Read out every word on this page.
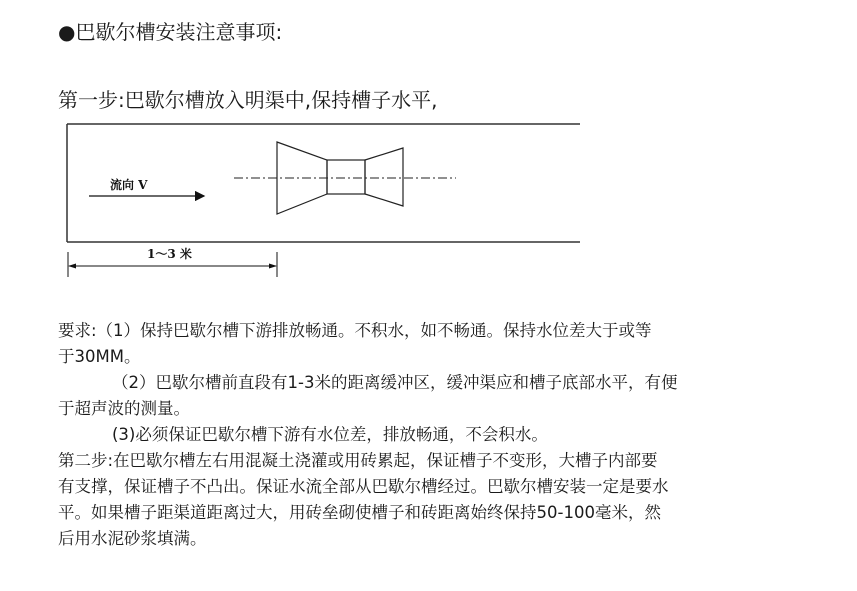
●巴歇尔槽安装注意事项:
第一步:巴歇尔槽放入明渠中,保持槽子水平,
流向 V
1～3 米

要求:（1）保持巴歇尔槽下游排放畅通。不积水，如不畅通。保持水位差大于或等

于30MM。

（2）巴歇尔槽前直段有1-3米的距离缓冲区，缓冲渠应和槽子底部水平，有便

于超声波的测量。

(3)必须保证巴歇尔槽下游有水位差，排放畅通，不会积水。

第二步:在巴歇尔槽左右用混凝土浇灌或用砖累起，保证槽子不变形，大槽子内部要

有支撑，保证槽子不凸出。保证水流全部从巴歇尔槽经过。巴歇尔槽安装一定是要水

平。如果槽子距渠道距离过大，用砖垒砌使槽子和砖距离始终保持50-100毫米，然

后用水泥砂浆填满。
